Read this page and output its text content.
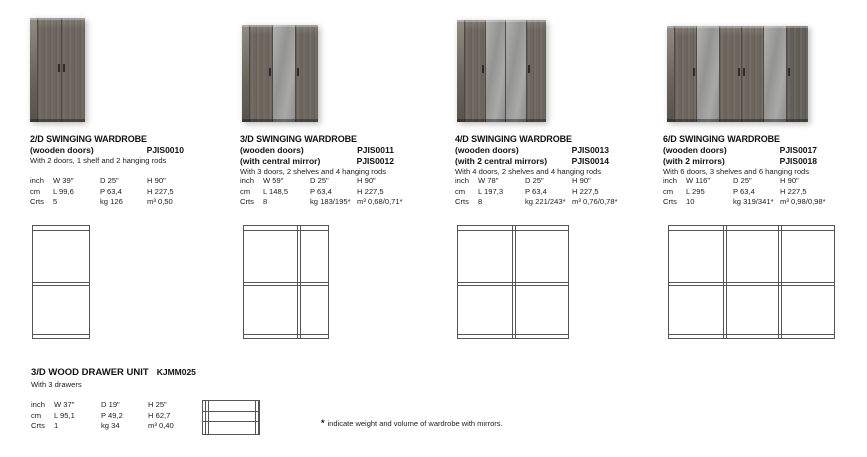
2/D SWINGING WARDROBE
(wooden doors)	PJIS0010
With 2 doors, 1 shelf and 2 hanging rods
inch	W 39"	D 25"	H 90"
cm	L 99,6	P 63,4	H 227,5
Crts	5	kg 126	m³ 0,50
3/D SWINGING WARDROBE
(wooden doors)	PJIS0011
(with central mirror)	PJIS0012
With 3 doors, 2 shelves and 4 hanging rods
inch	W 59"	D 25"	H 90"
cm	L 148,5	P 63,4	H 227,5
Crts	8	kg 183/195* m³ 0,68/0,71*
4/D SWINGING WARDROBE
(wooden doors)	PJIS0013
(with 2 central mirrors)	PJIS0014
With 4 doors, 2 shelves and 4 hanging rods
inch	W 78"	D 25"	H 90"
cm	L 197,3	P 63,4	H 227,5
Crts	8	kg 221/243* m³ 0,76/0,78*
6/D SWINGING WARDROBE
(wooden doors)	PJIS0017
(with 2 mirrors)	PJIS0018
With 6 doors, 3 shelves and 6 hanging rods
inch	W 116"	D 25"	H 90"
cm	L 295	P 63,4	H 227,5
Crts	10	kg 319/341* m³ 0,98/0,98*
3/D WOOD DRAWER UNIT KJMM025
With 3 drawers
inch	W 37"	D 19"	H 25"
cm	L 95,1	P 49,2	H 62,7
Crts	1	kg 34	m³ 0,40	* indicate weight and volume of wardrobe with mirrors.
